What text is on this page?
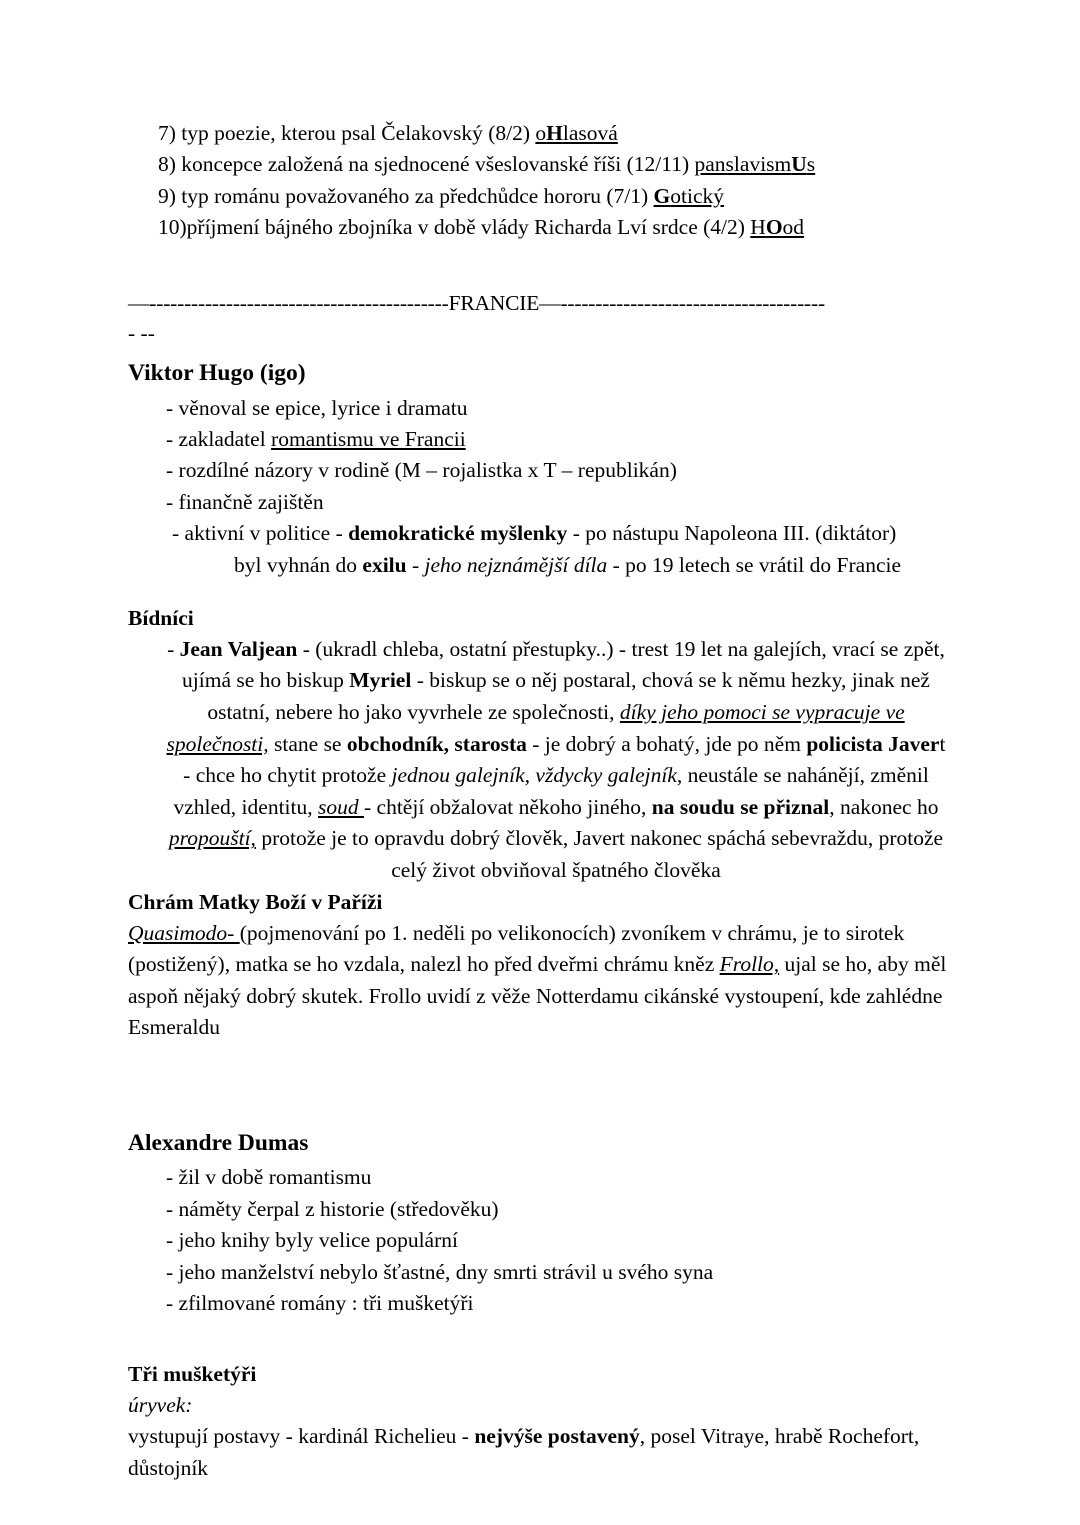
7) typ poezie, kterou psal Čelakovský (8/2) oHlasová
8) koncepce založená na sjednocené všeslovanské říši (12/11) panslavismUs
9) typ románu považovaného za předchůdce hororu (7/1) Gotický
10)příjmení bájného zbojníka v době vlády Richarda Lví srdce (4/2) HOod
—-------------------------------------------FRANCIE—--------------------------------------
- --
Viktor Hugo (igo)
- věnoval se epice, lyrice i dramatu
- zakladatel romantismu ve Francii
- rozdílné názory v rodině (M – rojalistka x T – republikán)
- finančně zajištěn
- aktivní v politice - demokratické myšlenky - po nástupu Napoleona III. (diktátor)
byl vyhnán do exilu - jeho nejznámější díla - po 19 letech se vrátil do Francie
Bídníci

- Jean Valjean - (ukradl chleba, ostatní přestupky..) - trest 19 let na galejích, vrací se zpět, ujímá se ho biskup Myriel - biskup se o něj postaral, chová se k němu hezky, jinak než ostatní, nebere ho jako vyvrhele ze společnosti, díky jeho pomoci se vypracuje ve společnosti, stane se obchodník, starosta - je dobrý a bohatý, jde po něm policista Javert - chce ho chytit protože jednou galejník, vždycky galejník, neustále se nahánějí, změnil vzhled, identitu, soud - chtějí obžalovat někoho jiného, na soudu se přiznal, nakonec ho propouští, protože je to opravdu dobrý člověk, Javert nakonec spáchá sebevraždu, protože celý život obviňoval špatného člověka

Chrám Matky Boží v Paříži

Quasimodo- (pojmenování po 1. neděli po velikonocích) zvoníkem v chrámu, je to sirotek (postižený), matka se ho vzdala, nalezl ho před dveřmi chrámu kněz Frollo, ujal se ho, aby měl aspoň nějaký dobrý skutek. Frollo uvidí z věže Notterdamu cikánské vystoupení, kde zahlédne Esmeraldu

Alexandre Dumas
- žil v době romantismu
- náměty čerpal z historie (středověku)
- jeho knihy byly velice populární
- jeho manželství nebylo šťastné, dny smrti strávil u svého syna
- zfilmované romány : tři mušketýři
Tři mušketýři
úryvek:

vystupují postavy - kardinál Richelieu - nejvýše postavený, posel Vitraye, hrabě Rochefort, důstojník
